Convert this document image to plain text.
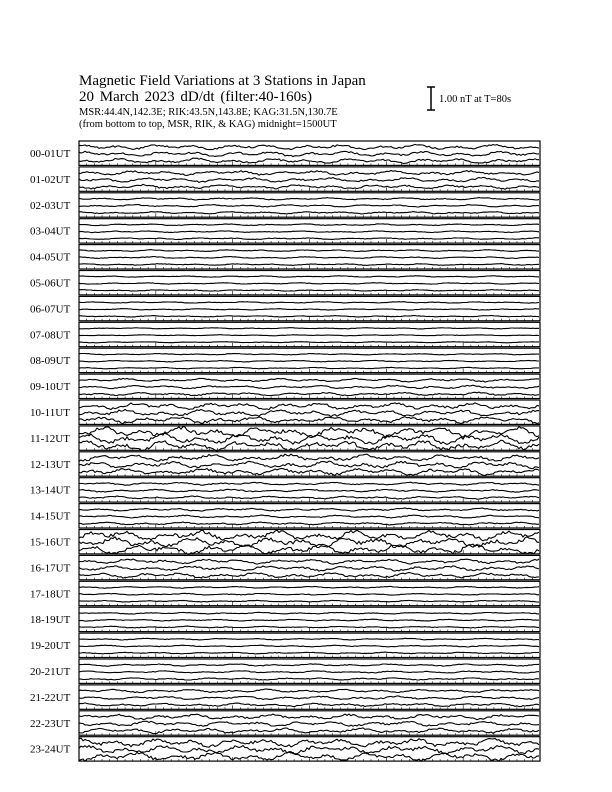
Magnetic Field Variations at 3 Stations in Japan
20 March 2023 dD/dt (filter:40-160s)
MSR:44.4N,142.3E; RIK:43.5N,143.8E; KAG:31.5N,130.7E
(from bottom to top, MSR, RIK, & KAG) midnight=1500UT
1.00 nT at T=80s
00-01UT
01-02UT
02-03UT
03-04UT
04-05UT
05-06UT
06-07UT
07-08UT
08-09UT
09-10UT
10-11UT
11-12UT
12-13UT
13-14UT
14-15UT
15-16UT
16-17UT
17-18UT
18-19UT
19-20UT
20-21UT
21-22UT
22-23UT
23-24UT
